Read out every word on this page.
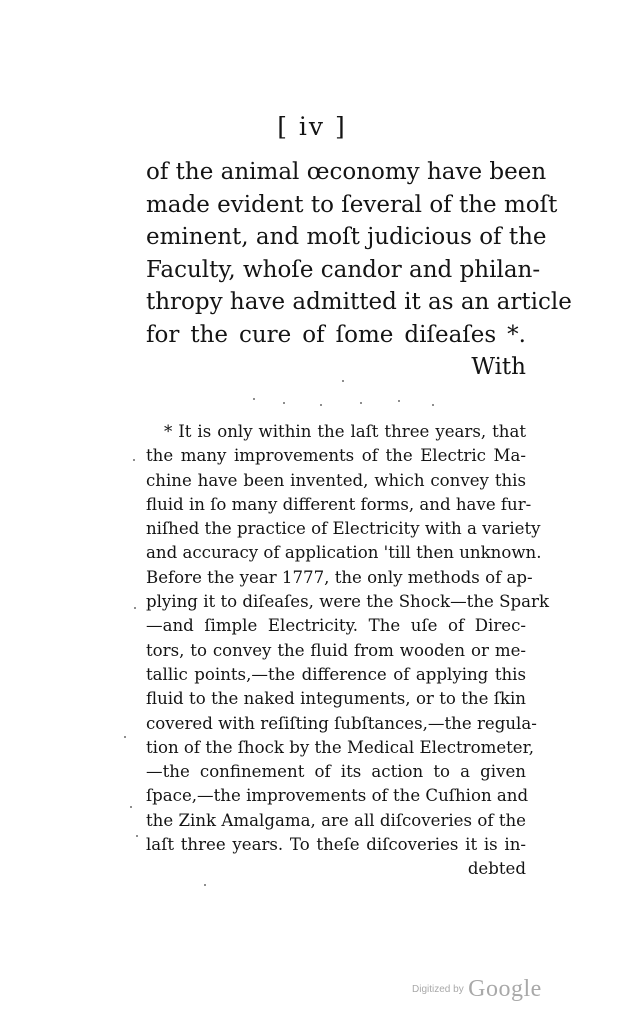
[ iv ]
of the animal œconomy have been
made evident to ſeveral of the moſt
eminent, and moſt judicious of the
Faculty, whoſe candor and philan-
thropy have admitted it as an article
for the cure of ſome diſeaſes *.
With
* It is only within the laſt three years, that
the many improvements of the Electric Ma-
chine have been invented, which convey this
fluid in ſo many different forms, and have fur-
niſhed the practice of Electricity with a variety
and accuracy of application 'till then unknown.
Before the year 1777, the only methods of ap-
plying it to diſeaſes, were the Shock—the Spark
—and ſimple Electricity. The uſe of Direc-
tors, to convey the fluid from wooden or me-
tallic points,—the difference of applying this
fluid to the naked integuments, or to the ſkin
covered with reſiſting ſubſtances,—the regula-
tion of the ſhock by the Medical Electrometer,
—the confinement of its action to a given
ſpace,—the improvements of the Cuſhion and
the Zink Amalgama, are all diſcoveries of the
laſt three years. To theſe diſcoveries it is in-
debted
Digitized by Google
